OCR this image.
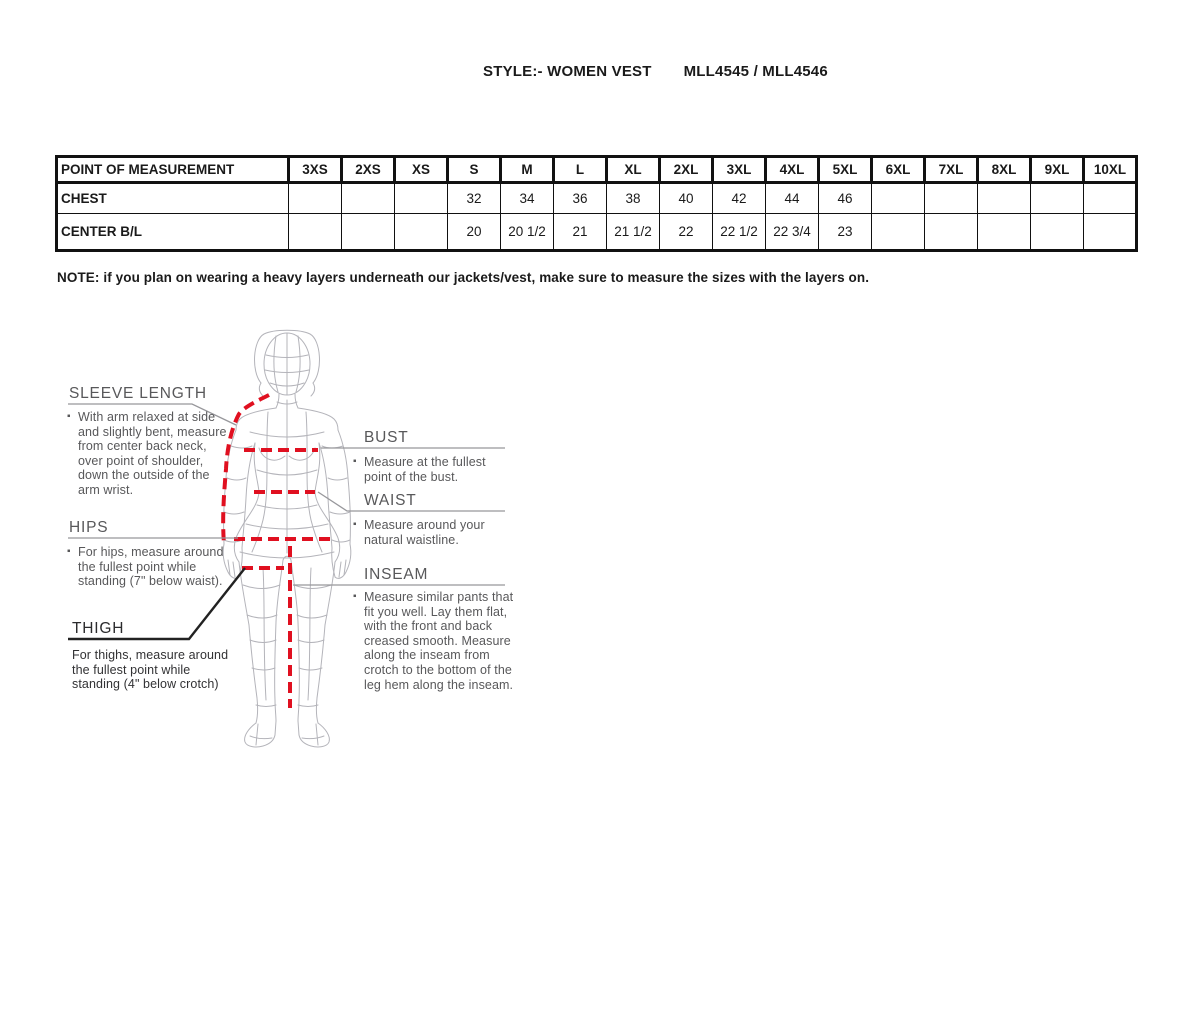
STYLE:- WOMEN VEST MLL4545 / MLL4546
POINT OF MEASUREMENT	3XS	2XS	XS	S	M	L	XL	2XL	3XL	4XL	5XL	6XL	7XL	8XL	9XL	10XL
CHEST				32	34	36	38	40	42	44	46					
CENTER B/L				20	20 1/2	21	21 1/2	22	22 1/2	22 3/4	23					
NOTE: if you plan on wearing a heavy layers underneath our jackets/vest, make sure to measure the sizes with the layers on.
SLEEVE LENGTH
▪ With arm relaxed at side and slightly bent, measure from center back neck, over point of shoulder, down the outside of the arm wrist.
HIPS
▪ For hips, measure around the fullest point while standing (7" below waist).
THIGH
For thighs, measure around the fullest point while standing (4" below crotch)
BUST
▪ Measure at the fullest point of the bust.
WAIST
▪ Measure around your natural waistline.
INSEAM
▪ Measure similar pants that fit you well. Lay them flat, with the front and back creased smooth. Measure along the inseam from crotch to the bottom of the leg hem along the inseam.
